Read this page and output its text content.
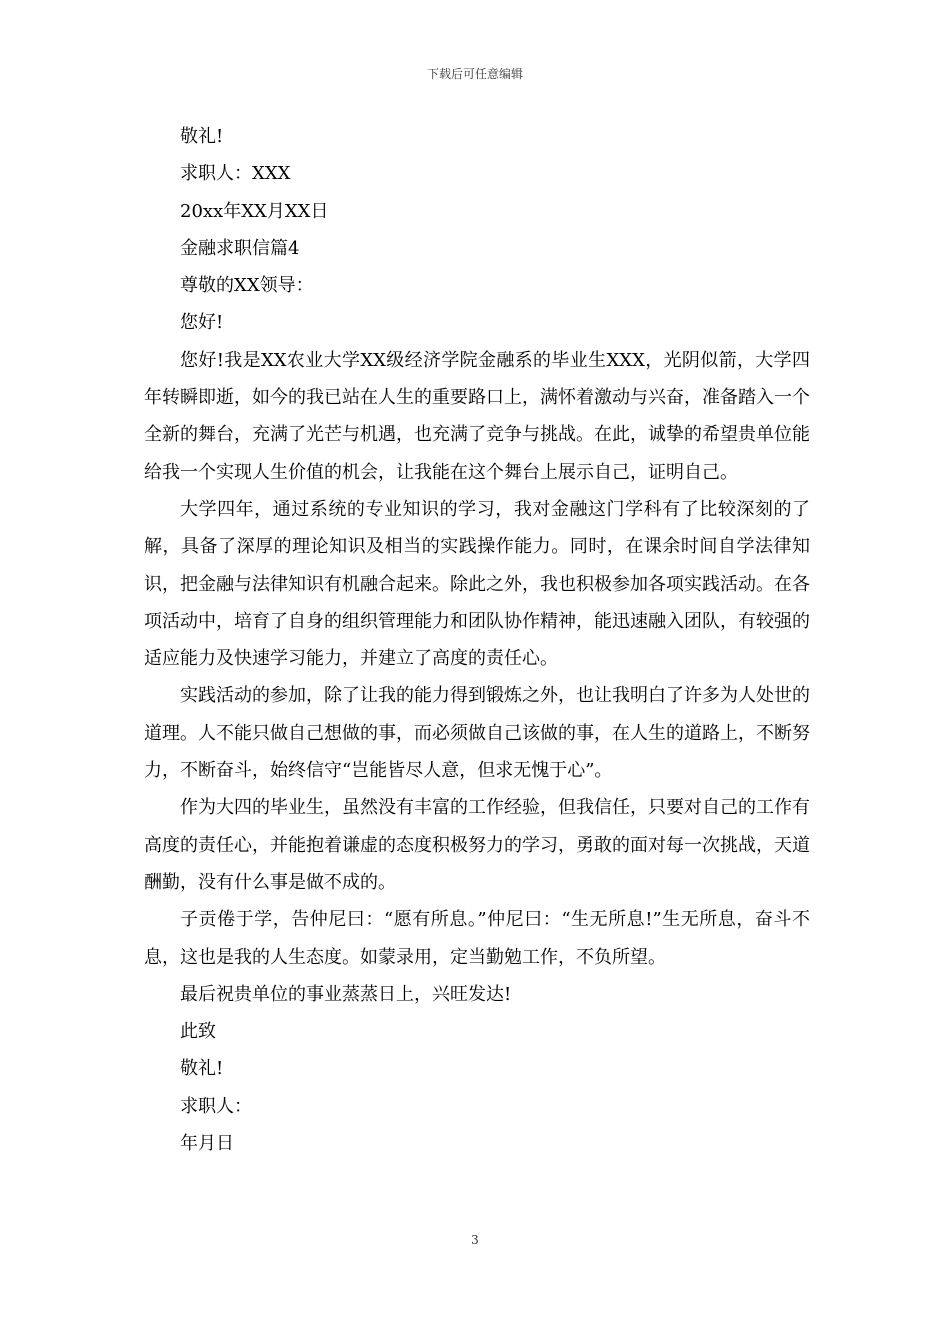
下载后可任意编辑

敬礼!

求职人：XXX

20xx年XX月XX日

金融求职信篇4

尊敬的XX领导：

您好!

您好!我是XX农业大学XX级经济学院金融系的毕业生XXX，光阴似箭，大学四年转瞬即逝，如今的我已站在人生的重要路口上，满怀着激动与兴奋，准备踏入一个全新的舞台，充满了光芒与机遇，也充满了竞争与挑战。在此，诚挚的希望贵单位能给我一个实现人生价值的机会，让我能在这个舞台上展示自己，证明自己。

大学四年，通过系统的专业知识的学习，我对金融这门学科有了比较深刻的了解，具备了深厚的理论知识及相当的实践操作能力。同时，在课余时间自学法律知识，把金融与法律知识有机融合起来。除此之外，我也积极参加各项实践活动。在各项活动中，培育了自身的组织管理能力和团队协作精神，能迅速融入团队，有较强的适应能力及快速学习能力，并建立了高度的责任心。

实践活动的参加，除了让我的能力得到锻炼之外，也让我明白了许多为人处世的道理。人不能只做自己想做的事，而必须做自己该做的事，在人生的道路上，不断努力，不断奋斗，始终信守“岂能皆尽人意，但求无愧于心”。

作为大四的毕业生，虽然没有丰富的工作经验，但我信任，只要对自己的工作有高度的责任心，并能抱着谦虚的态度积极努力的学习，勇敢的面对每一次挑战，天道酬勤，没有什么事是做不成的。

子贡倦于学，告仲尼曰：“愿有所息。”仲尼曰：“生无所息!”生无所息，奋斗不息，这也是我的人生态度。如蒙录用，定当勤勉工作，不负所望。

最后祝贵单位的事业蒸蒸日上，兴旺发达!

此致

敬礼!

求职人：

年月日

3
